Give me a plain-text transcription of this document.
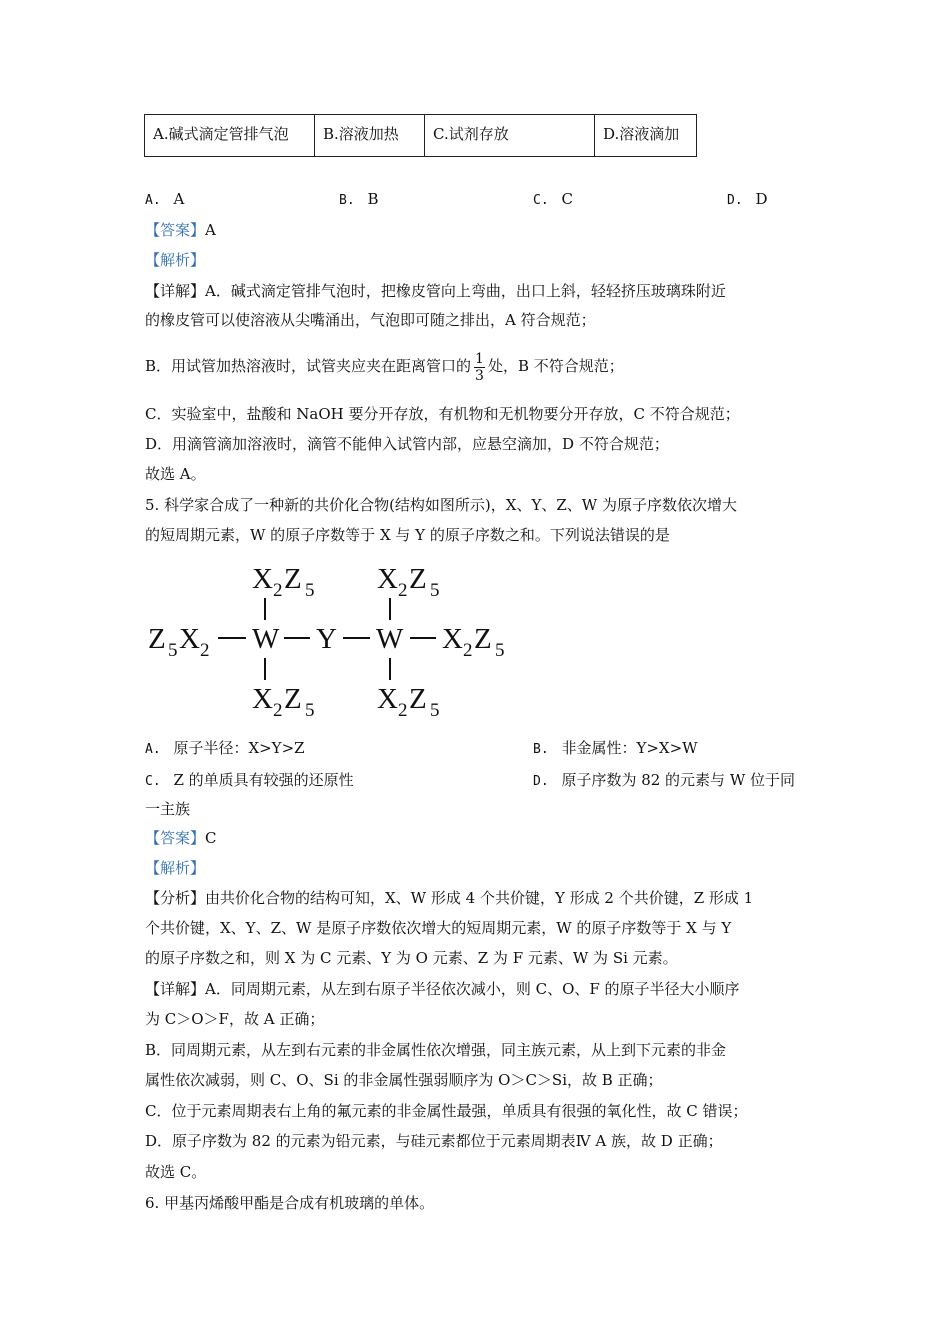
A.碱式滴定管排气泡	B.溶液加热	C.试剂存放	D.溶液滴加
A. A	B. B	C. C	D. D
【答案】A
【解析】
【详解】A．碱式滴定管排气泡时，把橡皮管向上弯曲，出口上斜，轻轻挤压玻璃珠附近
的橡皮管可以使溶液从尖嘴涌出，气泡即可随之排出，A 符合规范；
B．用试管加热溶液时，试管夹应夹在距离管口的 $\frac{1}{3}$ 处，B 不符合规范；
C．实验室中，盐酸和 NaOH 要分开存放，有机物和无机物要分开存放，C 不符合规范；
D．用滴管滴加溶液时，滴管不能伸入试管内部，应悬空滴加，D 不符合规范；
故选 A。
5. 科学家合成了一种新的共价化合物(结构如图所示)，X、Y、Z、W 为原子序数依次增大
的短周期元素，W 的原子序数等于 X 与 Y 的原子序数之和。下列说法错误的是
X 2 Z 5 X 2 Z 5
Z 5 X 2 W Y W X 2 Z 5
X 2 Z 5 X 2 Z 5
A. 原子半径：X>Y>Z	B. 非金属性：Y>X>W
C. Z 的单质具有较强的还原性	D. 原子序数为 82 的元素与 W 位于同
一主族
【答案】C
【解析】
【分析】由共价化合物的结构可知，X、W 形成 4 个共价键，Y 形成 2 个共价键，Z 形成 1
个共价键，X、Y、Z、W 是原子序数依次增大的短周期元素，W 的原子序数等于 X 与 Y
的原子序数之和，则 X 为 C 元素、Y 为 O 元素、Z 为 F 元素、W 为 Si 元素。
【详解】A．同周期元素，从左到右原子半径依次减小，则 C、O、F 的原子半径大小顺序
为 C＞O＞F，故 A 正确；
B．同周期元素，从左到右元素的非金属性依次增强，同主族元素，从上到下元素的非金
属性依次减弱，则 C、O、Si 的非金属性强弱顺序为 O＞C＞Si，故 B 正确；
C．位于元素周期表右上角的氟元素的非金属性最强，单质具有很强的氧化性，故 C 错误；
D．原子序数为 82 的元素为铅元素，与硅元素都位于元素周期表Ⅳ A 族，故 D 正确；
故选 C。
6. 甲基丙烯酸甲酯是合成有机玻璃的单体。
